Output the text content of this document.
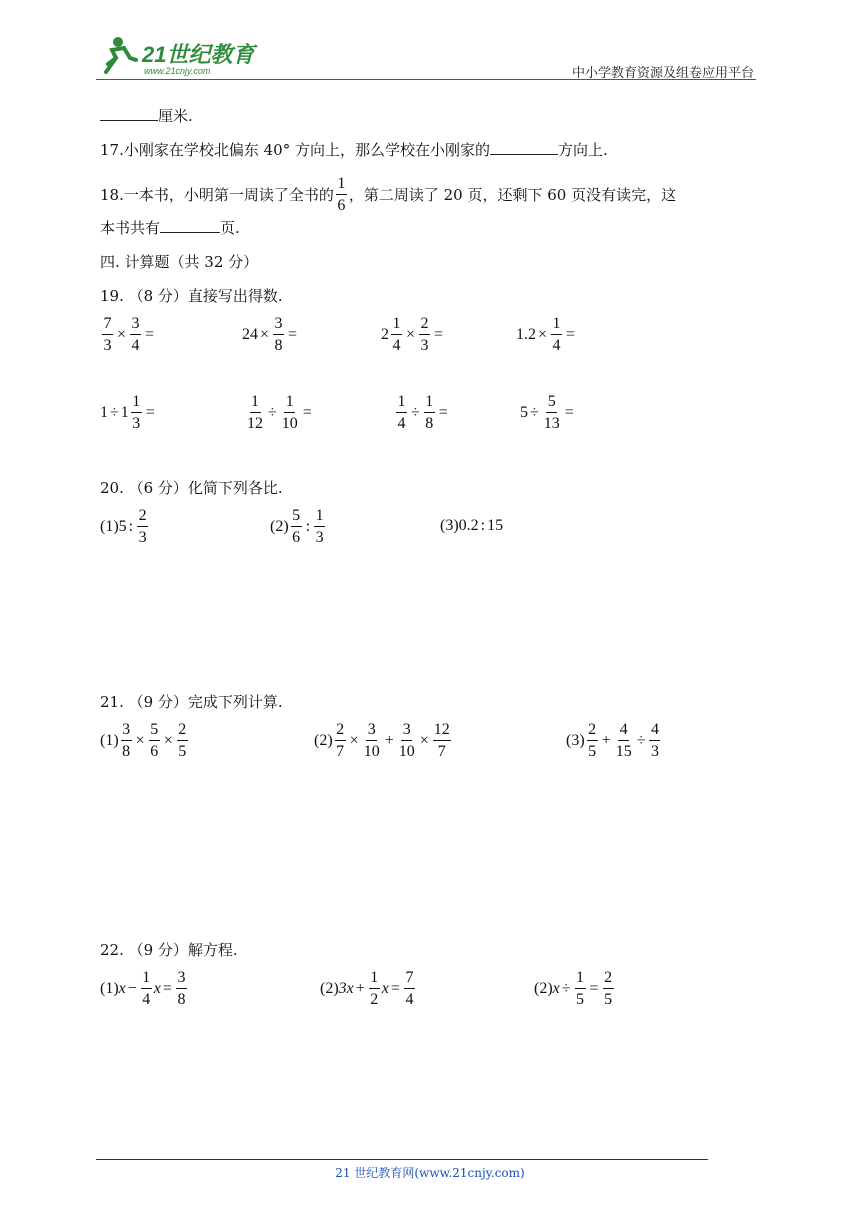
21世纪教育
www.21cnjy.com	中小学教育资源及组卷应用平台
厘米.
17.小刚家在学校北偏东 40° 方向上，那么学校在小刚家的	方向上.
18.一本书，小明第一周读了全书的 $\frac{1}{6}$ ，第二周读了 20 页，还剩下 60 页没有读完，这
本书共有	页.
四. 计算题（共 32 分）
19. （8 分）直接写出得数.
$\frac{7}{3} \times \frac{3}{4}$ =	$24 \times \frac{3}{8}$ =	$2 \frac{1}{4} \times \frac{2}{3}$ =	$1.2 \times \frac{1}{4}$ =
$1 \div 1 \frac{1}{3}$ =	$\frac{1}{12} \div \frac{1}{10}$ =	$\frac{1}{4} \div \frac{1}{8}$ =	$5 \div \frac{5}{13}$ =
20. （6 分）化简下列各比.
(1) 5 : $\frac{2}{3}$	$(2) \frac{5}{6}$ : $\frac{1}{3}$	(3) 0.2 : 15
21. （9 分）完成下列计算.
$(1) \frac{3}{8} \times \frac{5}{6} \times \frac{2}{5}$	$(2) \frac{2}{7} \times \frac{3}{10} + \frac{3}{10} \times \frac{12}{7}$	$(3) \frac{2}{5} + \frac{4}{15} \div \frac{4}{3}$
22. （9 分）解方程.
(1) $x - \frac{1}{4}$ $x = \frac{3}{8}$	(2) $3x + \frac{1}{2}$ $x = \frac{7}{4}$	(2) $x \div \frac{1}{5} = \frac{2}{5}$
21 世纪教育网(www.21cnjy.com)
